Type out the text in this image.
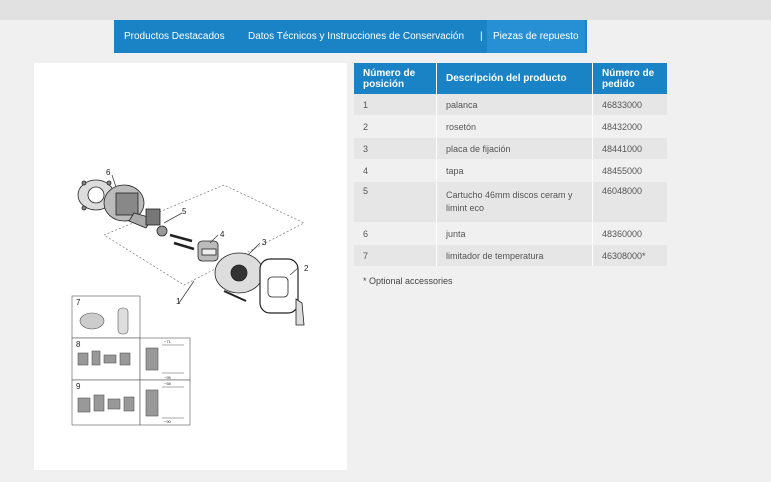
Productos Destacados Datos Técnicos y Instrucciones de Conservación |	Piezas de repuesto
6
5
4
3
2
1
7
8
9
~71
~95
~58
~90
Número de posición	Descripción del producto	Número de pedido
1	palanca	46833000
2	rosetón	48432000
3	placa de fijación	48441000
4	tapa	48455000
5	Cartucho 46mm discos ceram y limint eco	46048000
6	junta	48360000
7	limitador de temperatura	46308000*
* Optional accessories
